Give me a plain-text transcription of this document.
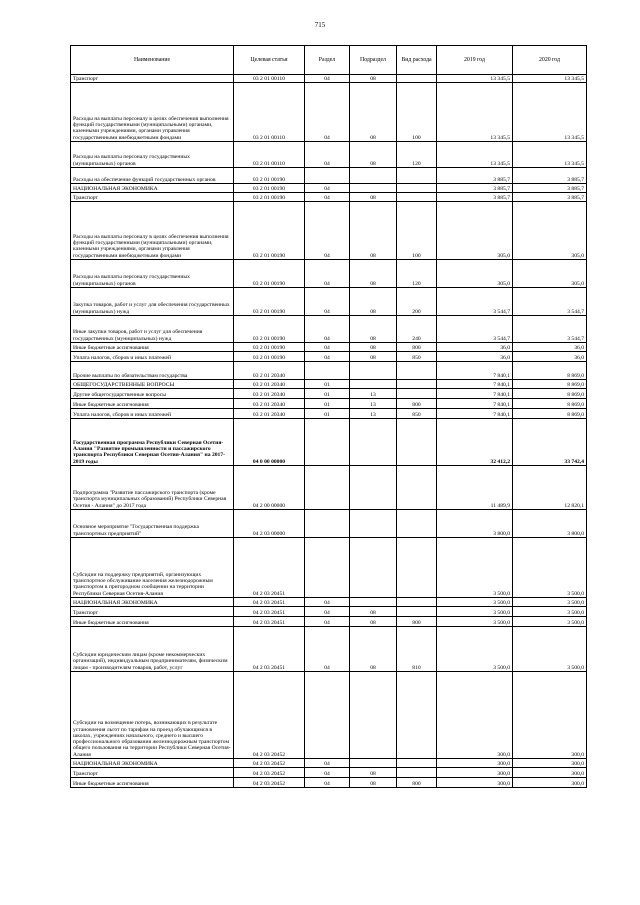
715
Наименование	Целевая статья	Раздел	Подраздел	Вид расхода	2019 год	2020 год
Транспорт	03 2 01 00110	04	08		13 345,5	13 345,5
Расходы на выплаты персоналу в целях обеспечения выполнения функций государственными (муниципальными) органами, казенными учреждениями, органами управления государственными внебюджетными фондами	03 2 01 00110	04	08	100	13 345,5	13 345,5
Расходы на выплаты персоналу государственных (муниципальных) органов	03 2 01 00110	04	08	120	13 345,5	13 345,5
Расходы на обеспечение функций государственных органов	03 2 01 00190				3 885,7	3 885,7
НАЦИОНАЛЬНАЯ ЭКОНОМИКА	03 2 01 00190	04			3 885,7	3 885,7
Транспорт	03 2 01 00190	04	08		3 885,7	3 885,7
Расходы на выплаты персоналу в целях обеспечения выполнения функций государственными (муниципальными) органами, казенными учреждениями, органами управления государственными внебюджетными фондами	03 2 01 00190	04	08	100	305,0	305,0
Расходы на выплаты персоналу государственных (муниципальных) органов	03 2 01 00190	04	08	120	305,0	305,0
Закупка товаров, работ и услуг для обеспечения государственных (муниципальных) нужд	03 2 01 00190	04	08	200	3 544,7	3 544,7
Иные закупки товаров, работ и услуг для обеспечения государственных (муниципальных) нужд	03 2 01 00190	04	08	240	3 544,7	3 544,7
Иные бюджетные ассигнования	03 2 01 00190	04	08	800	36,0	36,0
Уплата налогов, сборов и иных платежей	03 2 01 00190	04	08	850	36,0	36,0
Прочие выплаты по обязательствам государства	03 2 01 20340				7 840,1	8 869,0
ОБЩЕГОСУДАРСТВЕННЫЕ ВОПРОСЫ	03 2 01 20340	01			7 840,1	8 869,0
Другие общегосударственные вопросы	03 2 01 20340	01	13		7 840,1	8 869,0
Иные бюджетные ассигнования	03 2 01 20340	01	13	800	7 840,1	8 869,0
Уплата налогов, сборов и иных платежей	03 2 01 20340	01	13	850	7 840,1	8 869,0
Государственная программа Республики Северная Осетия-Алания "Развитие промышленности и пассажирского транспорта Республики Северная Осетия-Алания" на 2017-2019 годы	04 0 00 00000				32 412,2	33 742,4
Подпрограмма "Развитие пассажирского транспорта (кроме транспорта муниципальных образований) Республики Северная Осетия - Алания" до 2017 года	04 2 00 00000				11 489,9	12 820,1
Основное мероприятие "Государственная поддержка транспортных предприятий"	04 2 03 00000				3 800,0	3 800,0
Субсидии на поддержку предприятий, организующих транспортное обслуживание населения железнодорожным транспортом в пригородном сообщении на территории Республики Северная Осетия-Алания	04 2 03 20451				3 500,0	3 500,0
НАЦИОНАЛЬНАЯ ЭКОНОМИКА	04 2 03 20451	04			3 500,0	3 500,0
Транспорт	04 2 03 20451	04	08		3 500,0	3 500,0
Иные бюджетные ассигнования	04 2 03 20451	04	08	800	3 500,0	3 500,0
Субсидии юридическим лицам (кроме некоммерческих организаций), индивидуальным предпринимателям, физическим лицам - производителям товаров, работ, услуг	04 2 03 20451	04	08	810	3 500,0	3 500,0
Субсидии на возмещение потерь, возникающих в результате установления льгот по тарифам на проезд обучающимся в школах, учреждениях начального, среднего и высшего профессионального образования железнодорожным транспортом общего пользования на территории Республики Северная Осетия-Алания	04 2 03 20452				300,0	300,0
НАЦИОНАЛЬНАЯ ЭКОНОМИКА	04 2 03 20452	04			300,0	300,0
Транспорт	04 2 03 20452	04	08		300,0	300,0
Иные бюджетные ассигнования	04 2 03 20452	04	08	800	300,0	300,0
